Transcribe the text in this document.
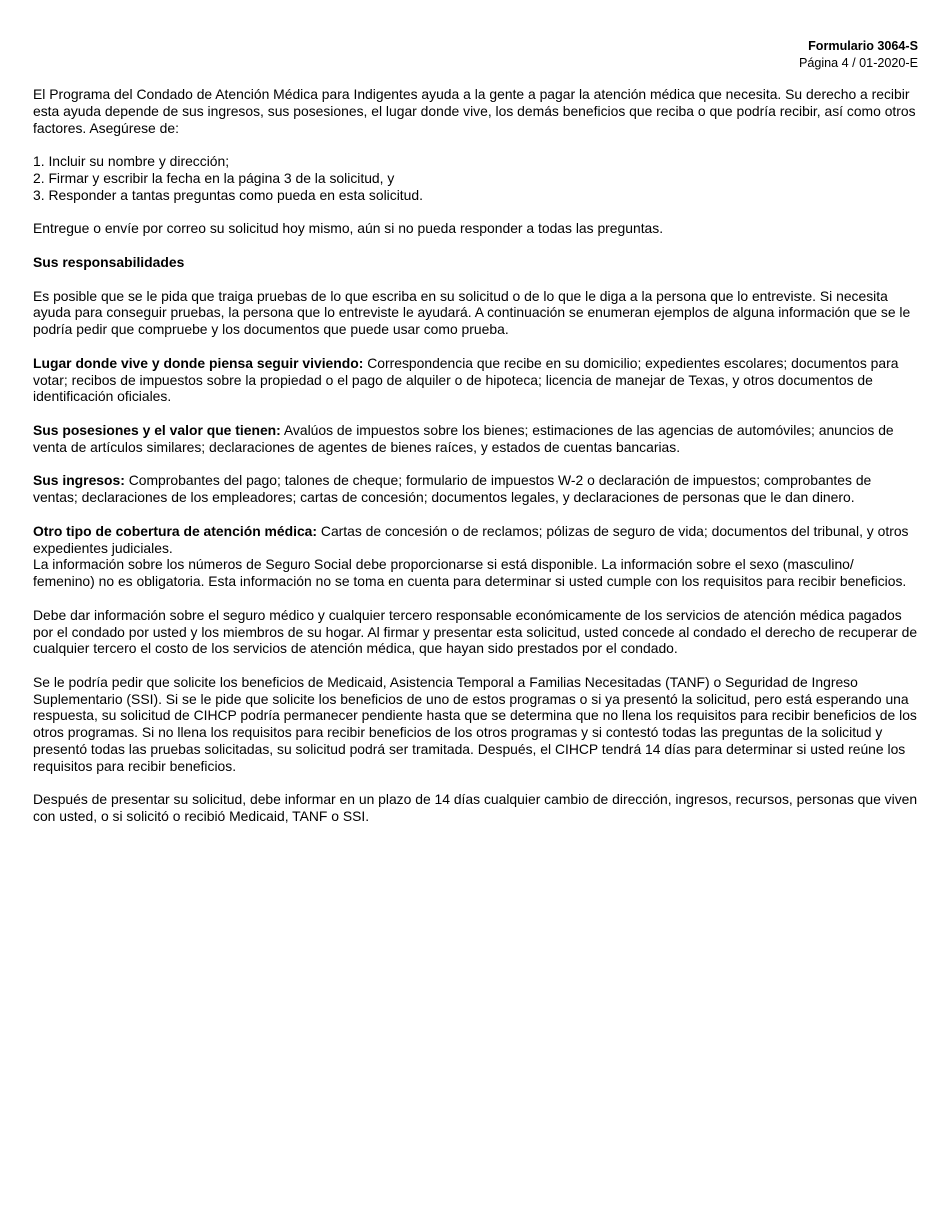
Formulario 3064-S
Página 4 / 01-2020-E

El Programa del Condado de Atención Médica para Indigentes ayuda a la gente a pagar la atención médica que necesita. Su derecho a recibir esta ayuda depende de sus ingresos, sus posesiones, el lugar donde vive, los demás beneficios que reciba o que podría recibir, así como otros factores. Asegúrese de:

1. Incluir su nombre y dirección;
2. Firmar y escribir la fecha en la página 3 de la solicitud, y
3. Responder a tantas preguntas como pueda en esta solicitud.

Entregue o envíe por correo su solicitud hoy mismo, aún si no pueda responder a todas las preguntas.

Sus responsabilidades

Es posible que se le pida que traiga pruebas de lo que escriba en su solicitud o de lo que le diga a la persona que lo entreviste. Si necesita ayuda para conseguir pruebas, la persona que lo entreviste le ayudará. A continuación se enumeran ejemplos de alguna información que se le podría pedir que compruebe y los documentos que puede usar como prueba.

Lugar donde vive y donde piensa seguir viviendo: Correspondencia que recibe en su domicilio; expedientes escolares; documentos para votar; recibos de impuestos sobre la propiedad o el pago de alquiler o de hipoteca; licencia de manejar de Texas, y otros documentos de identificación oficiales.

Sus posesiones y el valor que tienen: Avalúos de impuestos sobre los bienes; estimaciones de las agencias de automóviles; anuncios de venta de artículos similares; declaraciones de agentes de bienes raíces, y estados de cuentas bancarias.

Sus ingresos: Comprobantes del pago; talones de cheque; formulario de impuestos W-2 o declaración de impuestos; comprobantes de ventas; declaraciones de los empleadores; cartas de concesión; documentos legales, y declaraciones de personas que le dan dinero.

Otro tipo de cobertura de atención médica: Cartas de concesión o de reclamos; pólizas de seguro de vida; documentos del tribunal, y otros expedientes judiciales.

La información sobre los números de Seguro Social debe proporcionarse si está disponible. La información sobre el sexo (masculino/ femenino) no es obligatoria. Esta información no se toma en cuenta para determinar si usted cumple con los requisitos para recibir beneficios.

Debe dar información sobre el seguro médico y cualquier tercero responsable económicamente de los servicios de atención médica pagados por el condado por usted y los miembros de su hogar. Al firmar y presentar esta solicitud, usted concede al condado el derecho de recuperar de cualquier tercero el costo de los servicios de atención médica, que hayan sido prestados por el condado.

Se le podría pedir que solicite los beneficios de Medicaid, Asistencia Temporal a Familias Necesitadas (TANF) o Seguridad de Ingreso Suplementario (SSI). Si se le pide que solicite los beneficios de uno de estos programas o si ya presentó la solicitud, pero está esperando una respuesta, su solicitud de CIHCP podría permanecer pendiente hasta que se determina que no llena los requisitos para recibir beneficios de los otros programas. Si no llena los requisitos para recibir beneficios de los otros programas y si contestó todas las preguntas de la solicitud y presentó todas las pruebas solicitadas, su solicitud podrá ser tramitada. Después, el CIHCP tendrá 14 días para determinar si usted reúne los requisitos para recibir beneficios.

Después de presentar su solicitud, debe informar en un plazo de 14 días cualquier cambio de dirección, ingresos, recursos, personas que viven con usted, o si solicitó o recibió Medicaid, TANF o SSI.
